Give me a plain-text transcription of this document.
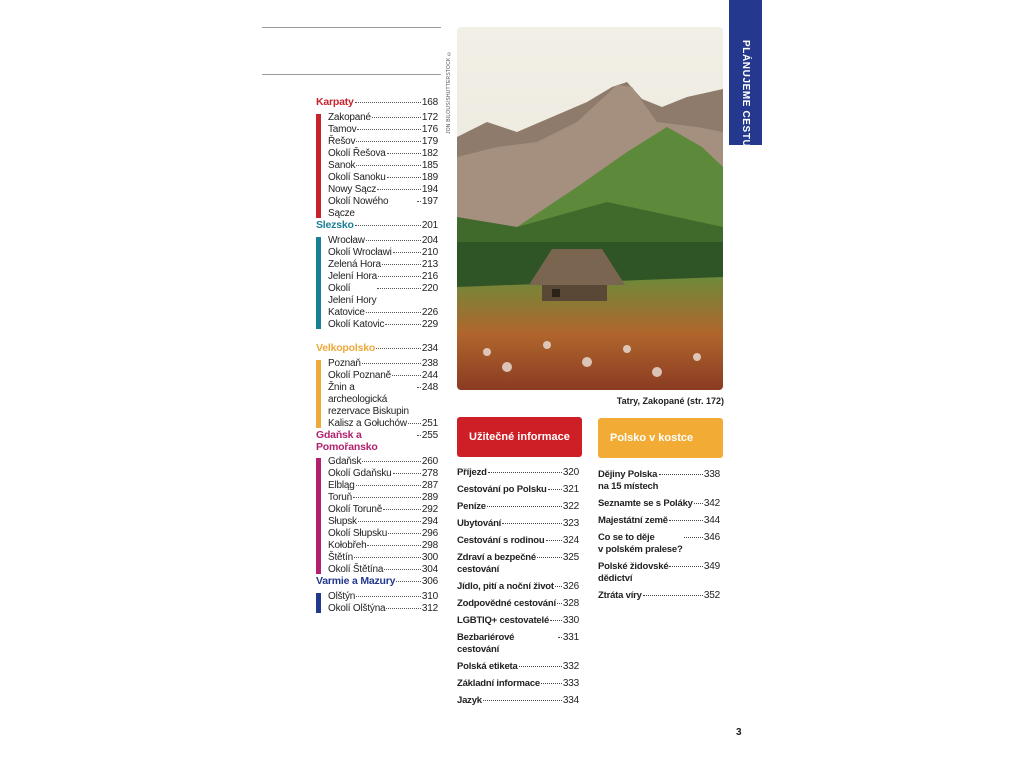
Karpaty	168
Zakopané	172
Tamov	176
Řešov	179
Okolí Řešova	182
Sanok	185
Okolí Sanoku	189
Nowy Sącz	194
Okolí Nowého Sącze
197
Slezsko	201
Wrocław	204
Okolí Wrocławi	210
Zelená Hora	213
Jelení Hora	216
Okolí
Jelení Hory
220
Katovice	226
Okolí Katovic	229
Velkopolsko	234
Poznaň	238
Okolí Poznaně	244
Žnin a archeologická
rezervace Biskupin
248
Kalisz a Gołuchów 251
Gdaňsk a Pomořansko
255
Gdaňsk	260
Okolí Gdaňsku	278
Elbląg	287
Toruň	289
Okolí Toruně	292
Słupsk	294
Okolí Słupsku	296
Kołobřeh	298
Štětín	300
Okolí Štětína	304
Varmie a Mazury	306
Olštýn	310
Okolí Olštýna	312
JON BILOUS/SHUTTERSTOCK ©
Tatry, Zakopané (str. 172)
PLÁNUJEME CESTU
Užitečné informace	Polsko v kostce
Příjezd	320
Cestování po Polsku 321
Peníze	322
Ubytování	323
Cestování s rodinou 324
Zdraví a bezpečné
cestování
325
Jídlo, pití a noční život 326
Zodpovědné cestování 328
LGBTIQ+ cestovatelé 330
Bezbariérové cestování
331
Polská etiketa	332
Základní informace 333
Jazyk	334
Dějiny Polska
na 15 místech
338
Seznamte se s Poláky 342
Majestátní země	344
Co se to děje
v polském pralese?
346
Polské židovské
dědictví
349
Ztráta víry	352
3
